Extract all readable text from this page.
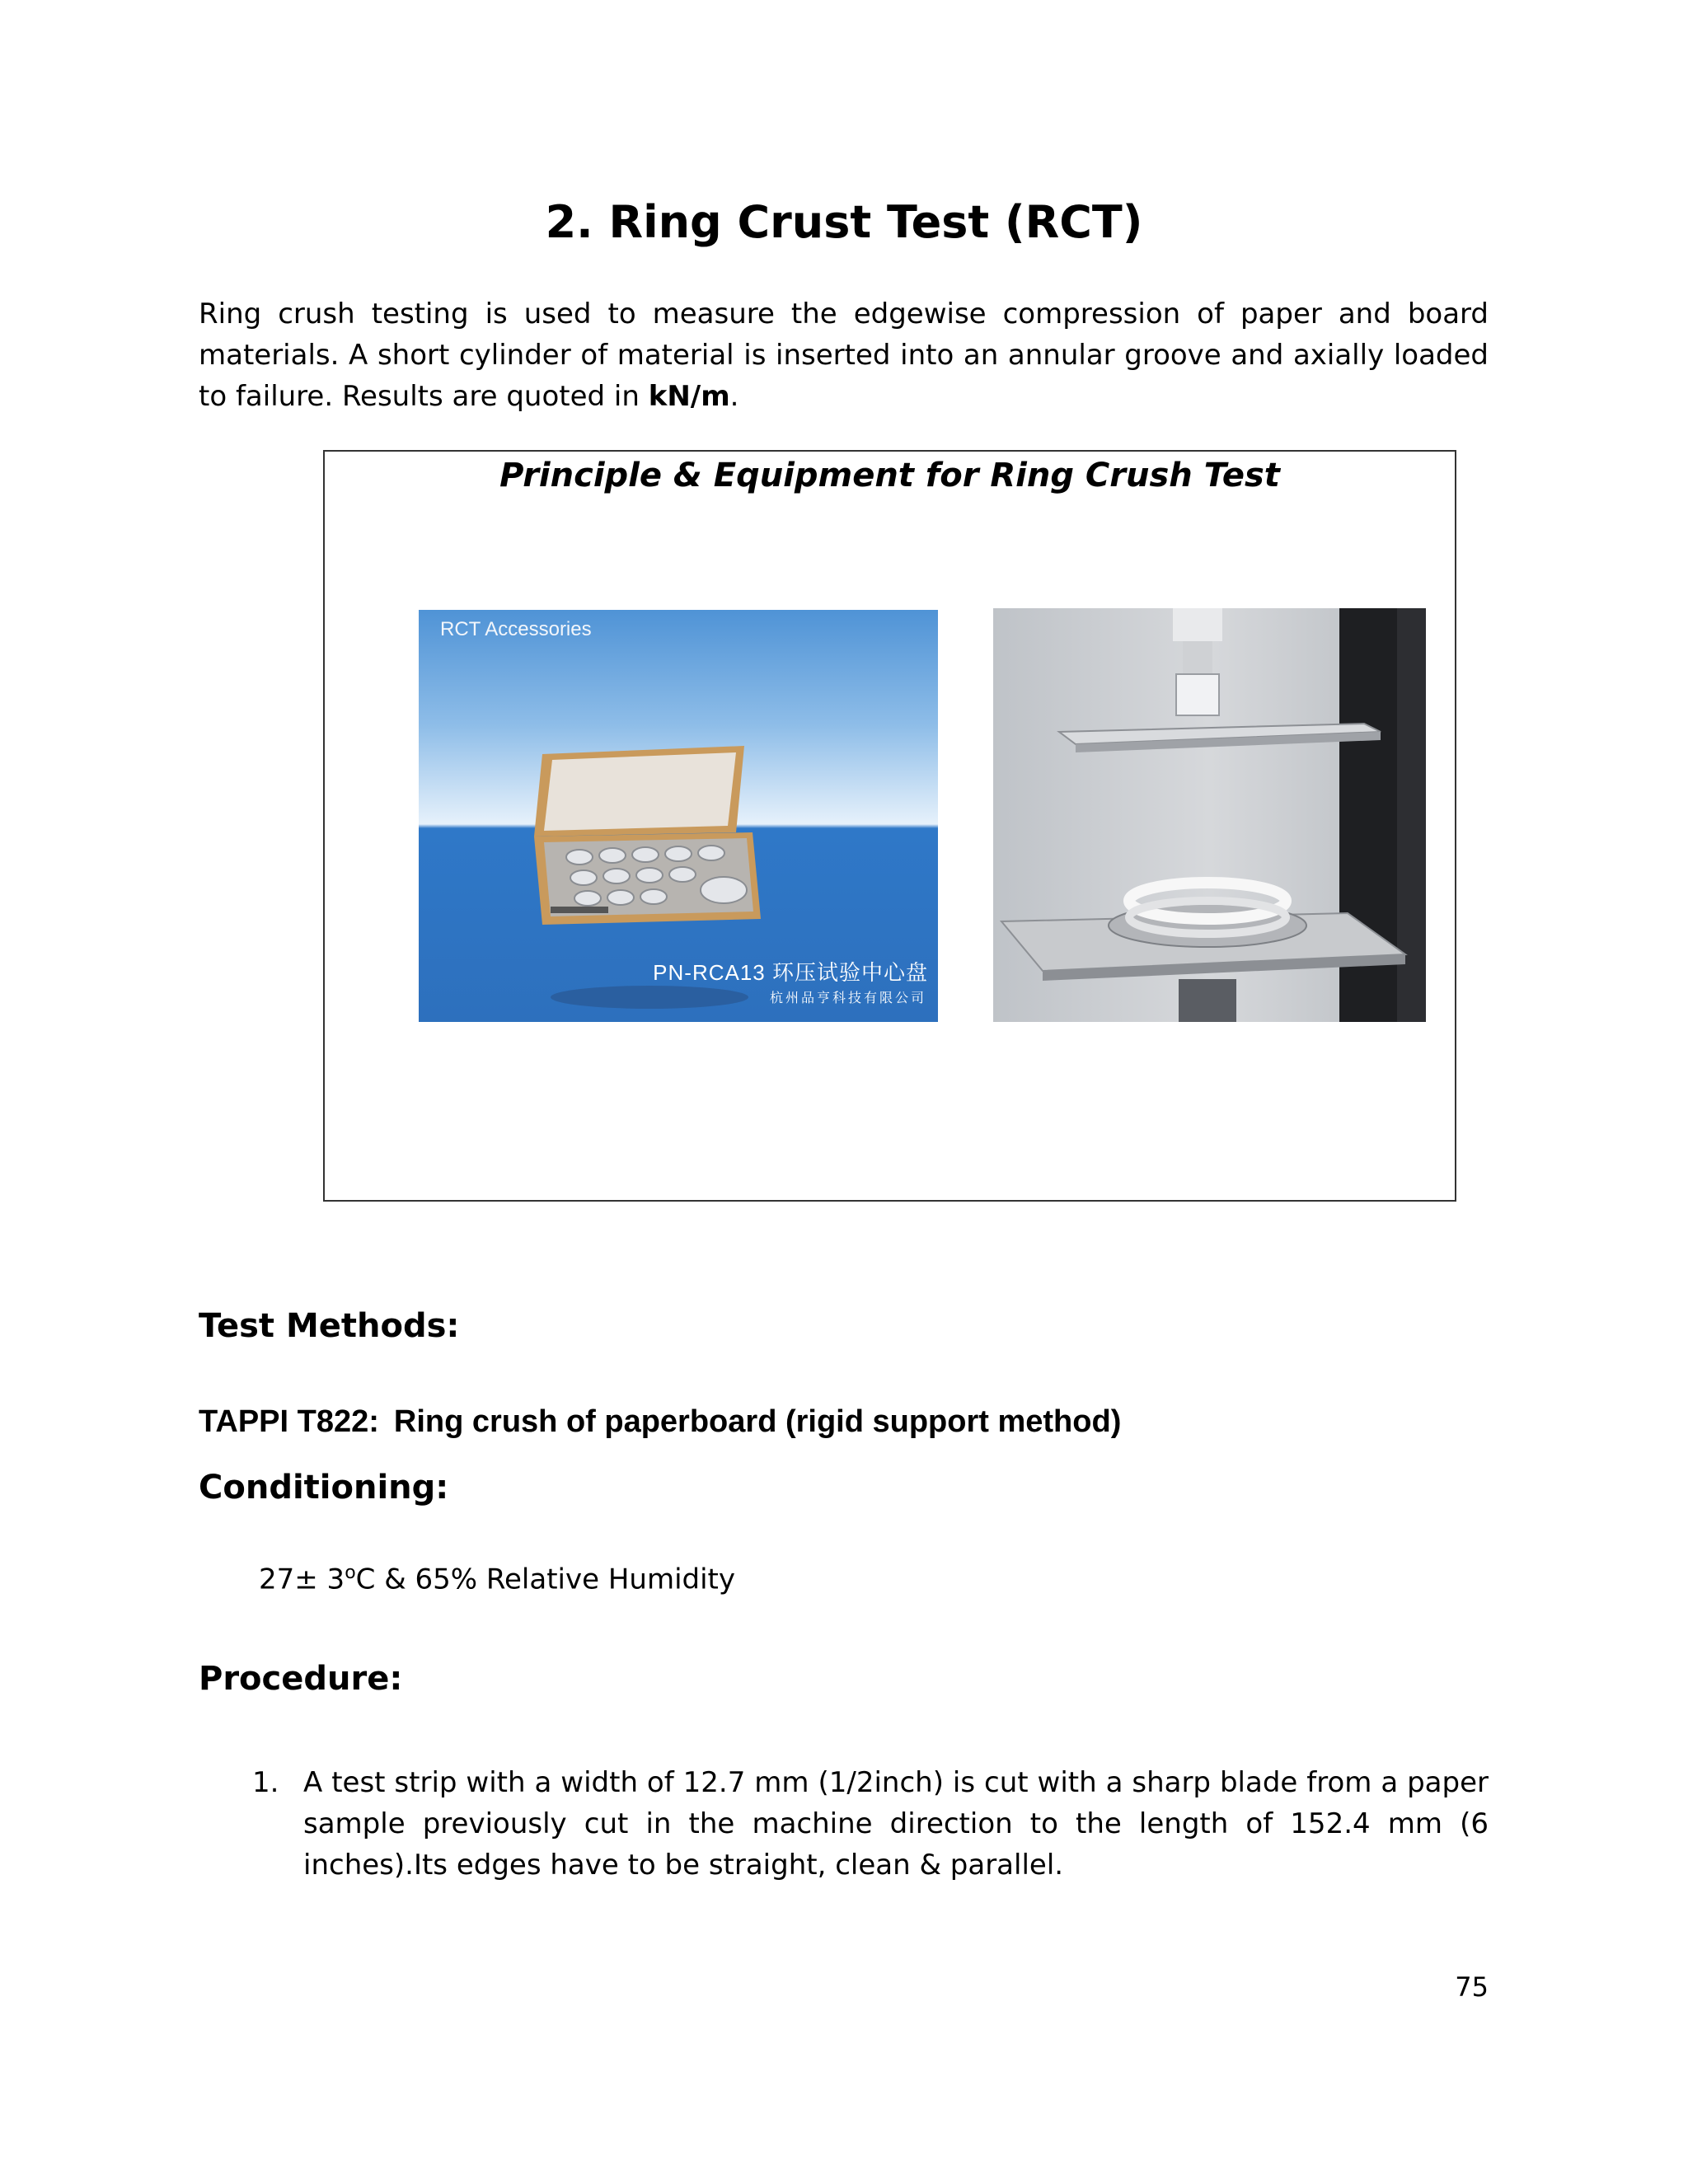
2. Ring Crust Test (RCT)

Ring crush testing is used to measure the edgewise compression of paper and board materials. A short cylinder of material is inserted into an annular groove and axially loaded to failure. Results are quoted in kN/m.

Principle & Equipment for Ring Crush Test

RCT Accessories
PN-RCA13 环压试验中心盘
杭州品亨科技有限公司
Test Methods:

TAPPI T822: Ring crush of paperboard (rigid support method)

Conditioning:

$27\pm 3^oC$ & 65% Relative Humidity

Procedure:
1. A test strip with a width of 12.7 mm (1/2inch) is cut with a sharp blade from a paper sample previously cut in the machine direction to the length of 152.4 mm (6 inches).Its edges have to be straight, clean & parallel.

75
